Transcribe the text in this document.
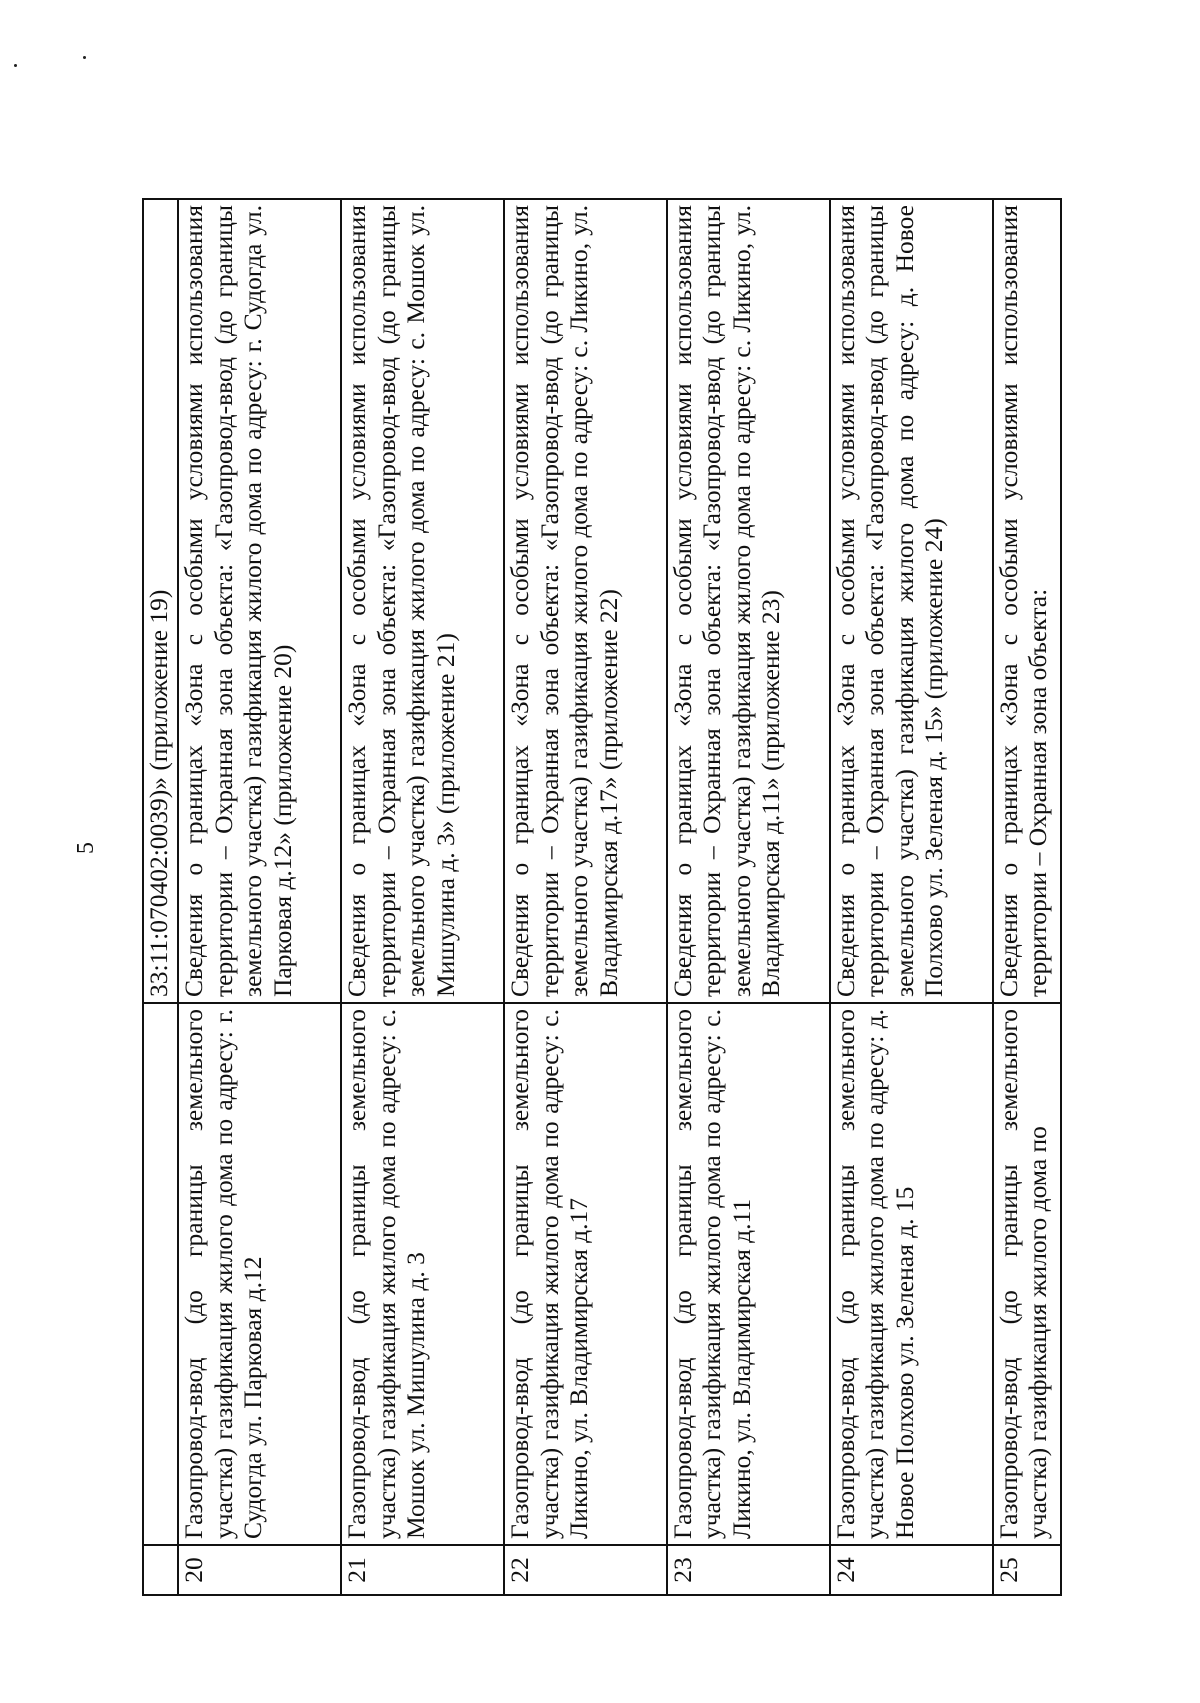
5

		33:11:070402:0039)» (приложение 19)

20	Газопровод-ввод (до границы земельного участка) газификация жилого дома по адресу: г. Судогда ул. Парковая д.12	Сведения о границах «Зона с особыми условиями использования территории – Охранная зона объекта: «Газопровод-ввод (до границы земельного участка) газификация жилого дома по адресу: г. Судогда ул. Парковая д.12» (приложение 20)
21	Газопровод-ввод (до границы земельного участка) газификация жилого дома по адресу: с. Мошок ул. Мишулина д. 3	Сведения о границах «Зона с особыми условиями использования территории – Охранная зона объекта: «Газопровод-ввод (до границы земельного участка) газификация жилого дома по адресу: с. Мошок ул. Мишулина д. 3» (приложение 21)
22	Газопровод-ввод (до границы земельного участка) газификация жилого дома по адресу: с. Ликино, ул. Владимирская д.17	Сведения о границах «Зона с особыми условиями использования территории – Охранная зона объекта: «Газопровод-ввод (до границы земельного участка) газификация жилого дома по адресу: с. Ликино, ул. Владимирская д.17» (приложение 22)
23	Газопровод-ввод (до границы земельного участка) газификация жилого дома по адресу: с. Ликино, ул. Владимирская д.11	Сведения о границах «Зона с особыми условиями использования территории – Охранная зона объекта: «Газопровод-ввод (до границы земельного участка) газификация жилого дома по адресу: с. Ликино, ул. Владимирская д.11» (приложение 23)
24	Газопровод-ввод (до границы земельного участка) газификация жилого дома по адресу: д. Новое Полхово ул. Зеленая д. 15	Сведения о границах «Зона с особыми условиями использования территории – Охранная зона объекта: «Газопровод-ввод (до границы земельного участка) газификация жилого дома по адресу: д. Новое Полхово ул. Зеленая д. 15» (приложение 24)
25	Газопровод-ввод (до границы земельного участка) газификация жилого дома по	Сведения о границах «Зона с особыми условиями использования территории – Охранная зона объекта:
